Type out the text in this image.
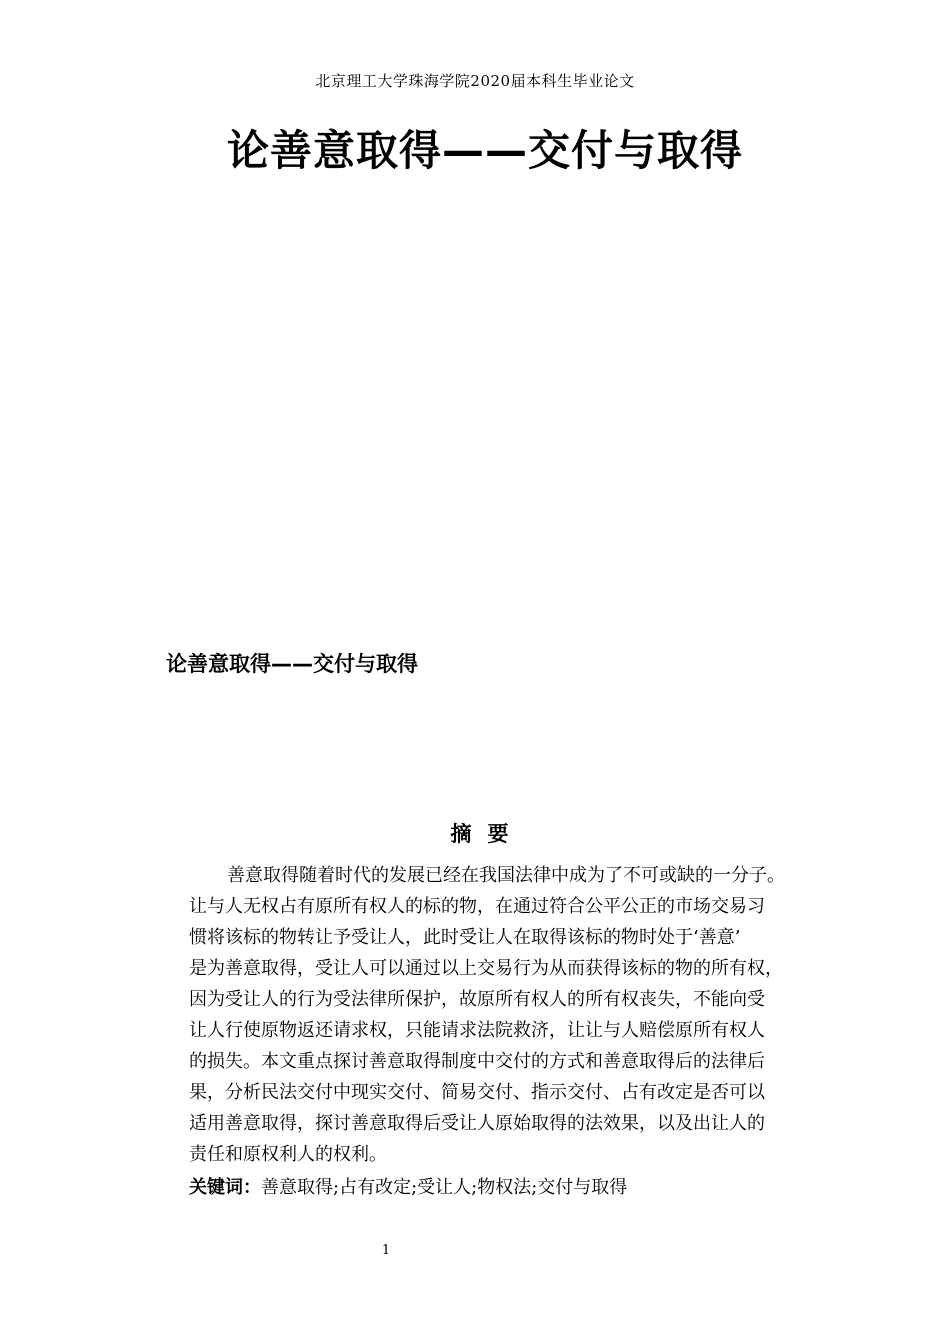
北京理工大学珠海学院2020届本科生毕业论文
论善意取得——交付与取得
论善意取得——交付与取得
摘要
善意取得随着时代的发展已经在我国法律中成为了不可或缺的一分子。
让与人无权占有原所有权人的标的物，在通过符合公平公正的市场交易习
惯将该标的物转让予受让人，此时受让人在取得该标的物时处于‘善意’
是为善意取得，受让人可以通过以上交易行为从而获得该标的物的所有权，
因为受让人的行为受法律所保护，故原所有权人的所有权丧失，不能向受
让人行使原物返还请求权，只能请求法院救济，让让与人赔偿原所有权人
的损失。本文重点探讨善意取得制度中交付的方式和善意取得后的法律后
果，分析民法交付中现实交付、简易交付、指示交付、占有改定是否可以
适用善意取得，探讨善意取得后受让人原始取得的法效果，以及出让人的
责任和原权利人的权利。
关键词：善意取得;占有改定;受让人;物权法;交付与取得
1
